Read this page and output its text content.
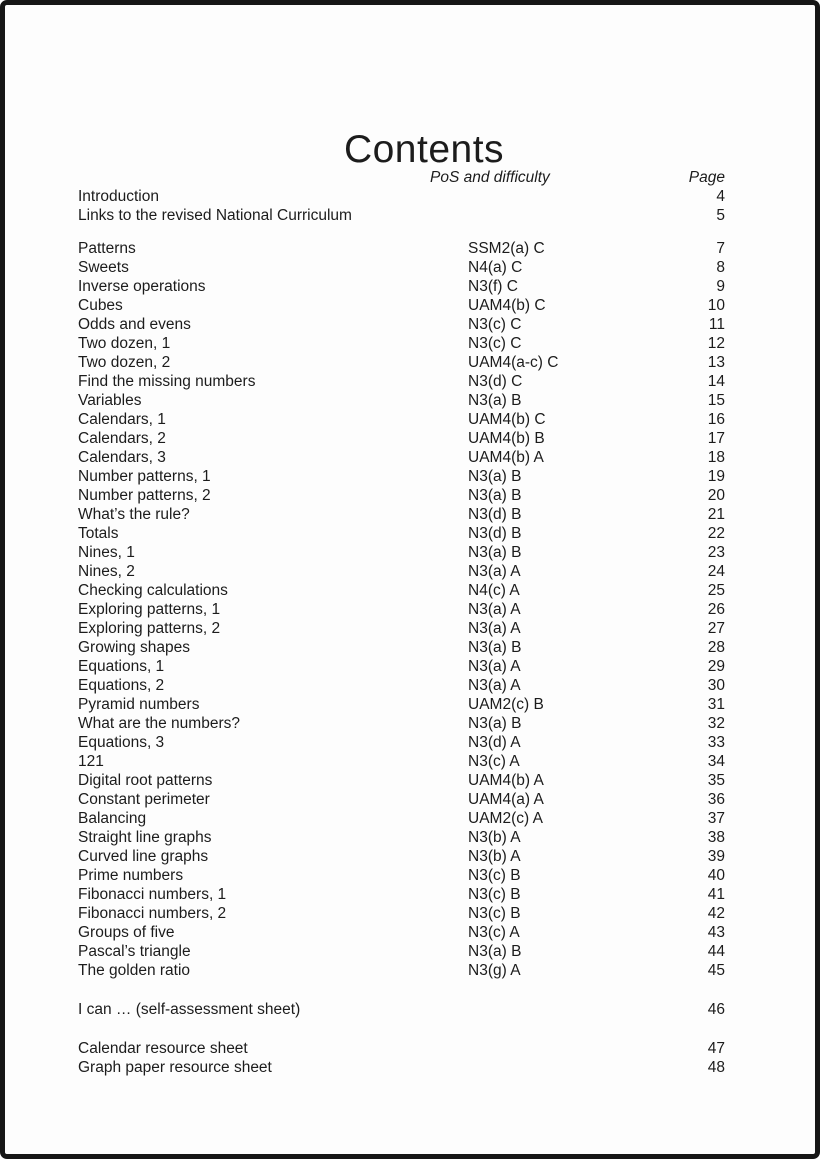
Contents
PoS and difficulty	Page
Introduction	4
Links to the revised National Curriculum	5
Patterns	SSM2(a) C	7
Sweets	N4(a) C	8
Inverse operations	N3(f) C	9
Cubes	UAM4(b) C	10
Odds and evens	N3(c) C	11
Two dozen, 1	N3(c) C	12
Two dozen, 2	UAM4(a-c) C	13
Find the missing numbers	N3(d) C	14
Variables	N3(a) B	15
Calendars, 1	UAM4(b) C	16
Calendars, 2	UAM4(b) B	17
Calendars, 3	UAM4(b) A	18
Number patterns, 1	N3(a) B	19
Number patterns, 2	N3(a) B	20
What’s the rule?	N3(d) B	21
Totals	N3(d) B	22
Nines, 1	N3(a) B	23
Nines, 2	N3(a) A	24
Checking calculations	N4(c) A	25
Exploring patterns, 1	N3(a) A	26
Exploring patterns, 2	N3(a) A	27
Growing shapes	N3(a) B	28
Equations, 1	N3(a) A	29
Equations, 2	N3(a) A	30
Pyramid numbers	UAM2(c) B	31
What are the numbers?	N3(a) B	32
Equations, 3	N3(d) A	33
121	N3(c) A	34
Digital root patterns	UAM4(b) A	35
Constant perimeter	UAM4(a) A	36
Balancing	UAM2(c) A	37
Straight line graphs	N3(b) A	38
Curved line graphs	N3(b) A	39
Prime numbers	N3(c) B	40
Fibonacci numbers, 1	N3(c) B	41
Fibonacci numbers, 2	N3(c) B	42
Groups of five	N3(c) A	43
Pascal’s triangle	N3(a) B	44
The golden ratio	N3(g) A	45
I can … (self-assessment sheet)	46
Calendar resource sheet	47
Graph paper resource sheet	48
